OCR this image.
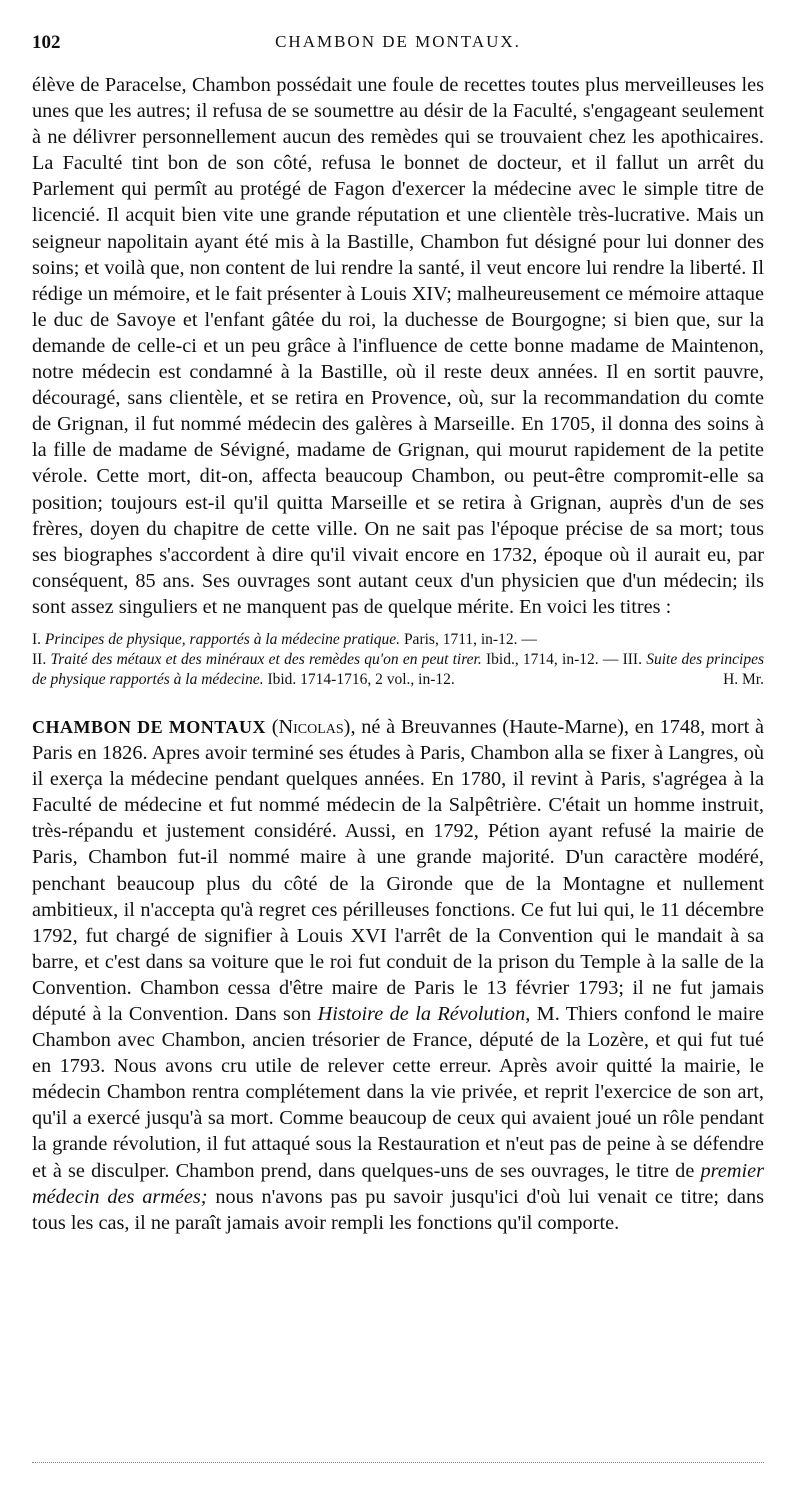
102	CHAMBON DE MONTAUX.

élève de Paracelse, Chambon possédait une foule de recettes toutes plus merveilleuses les unes que les autres; il refusa de se soumettre au désir de la Faculté, s'engageant seulement à ne délivrer personnellement aucun des remèdes qui se trouvaient chez les apothicaires. La Faculté tint bon de son côté, refusa le bonnet de docteur, et il fallut un arrêt du Parlement qui permît au protégé de Fagon d'exercer la médecine avec le simple titre de licencié. Il acquit bien vite une grande réputation et une clientèle très-lucrative. Mais un seigneur napolitain ayant été mis à la Bastille, Chambon fut désigné pour lui donner des soins; et voilà que, non content de lui rendre la santé, il veut encore lui rendre la liberté. Il rédige un mémoire, et le fait présenter à Louis XIV; malheureusement ce mémoire attaque le duc de Savoye et l'enfant gâtée du roi, la duchesse de Bourgogne; si bien que, sur la demande de celle-ci et un peu grâce à l'influence de cette bonne madame de Maintenon, notre médecin est condamné à la Bastille, où il reste deux années. Il en sortit pauvre, découragé, sans clientèle, et se retira en Provence, où, sur la recommandation du comte de Grignan, il fut nommé médecin des galères à Marseille. En 1705, il donna des soins à la fille de madame de Sévigné, madame de Grignan, qui mourut rapidement de la petite vérole. Cette mort, dit-on, affecta beaucoup Chambon, ou peut-être compromit-elle sa position; toujours est-il qu'il quitta Marseille et se retira à Grignan, auprès d'un de ses frères, doyen du chapitre de cette ville. On ne sait pas l'époque précise de sa mort; tous ses biographes s'accordent à dire qu'il vivait encore en 1732, époque où il aurait eu, par conséquent, 85 ans. Ses ouvrages sont autant ceux d'un physicien que d'un médecin; ils sont assez singuliers et ne manquent pas de quelque mérite. En voici les titres :

I. Principes de physique, rapportés à la médecine pratique. Paris, 1711, in-12. —
II. Traité des métaux et des minéraux et des remèdes qu'on en peut tirer. Ibid., 1714, in-12. — III. Suite des principes de physique rapportés à la médecine. Ibid. 1714-1716, 2 vol., in-12.	H. Mr.

CHAMBON DE MONTAUX (Nicolas), né à Breuvannes (Haute-Marne), en 1748, mort à Paris en 1826. Apres avoir terminé ses études à Paris, Chambon alla se fixer à Langres, où il exerça la médecine pendant quelques années. En 1780, il revint à Paris, s'agrégea à la Faculté de médecine et fut nommé médecin de la Salpêtrière. C'était un homme instruit, très-répandu et justement considéré. Aussi, en 1792, Pétion ayant refusé la mairie de Paris, Chambon fut-il nommé maire à une grande majorité. D'un caractère modéré, penchant beaucoup plus du côté de la Gironde que de la Montagne et nullement ambitieux, il n'accepta qu'à regret ces périlleuses fonctions. Ce fut lui qui, le 11 décembre 1792, fut chargé de signifier à Louis XVI l'arrêt de la Convention qui le mandait à sa barre, et c'est dans sa voiture que le roi fut conduit de la prison du Temple à la salle de la Convention. Chambon cessa d'être maire de Paris le 13 février 1793; il ne fut jamais député à la Convention. Dans son Histoire de la Révolution, M. Thiers confond le maire Chambon avec Chambon, ancien trésorier de France, député de la Lozère, et qui fut tué en 1793. Nous avons cru utile de relever cette erreur. Après avoir quitté la mairie, le médecin Chambon rentra complétement dans la vie privée, et reprit l'exercice de son art, qu'il a exercé jusqu'à sa mort. Comme beaucoup de ceux qui avaient joué un rôle pendant la grande révolution, il fut attaqué sous la Restauration et n'eut pas de peine à se défendre et à se disculper. Chambon prend, dans quelques-uns de ses ouvrages, le titre de premier médecin des armées; nous n'avons pas pu savoir jusqu'ici d'où lui venait ce titre; dans tous les cas, il ne paraît jamais avoir rempli les fonctions qu'il comporte.
